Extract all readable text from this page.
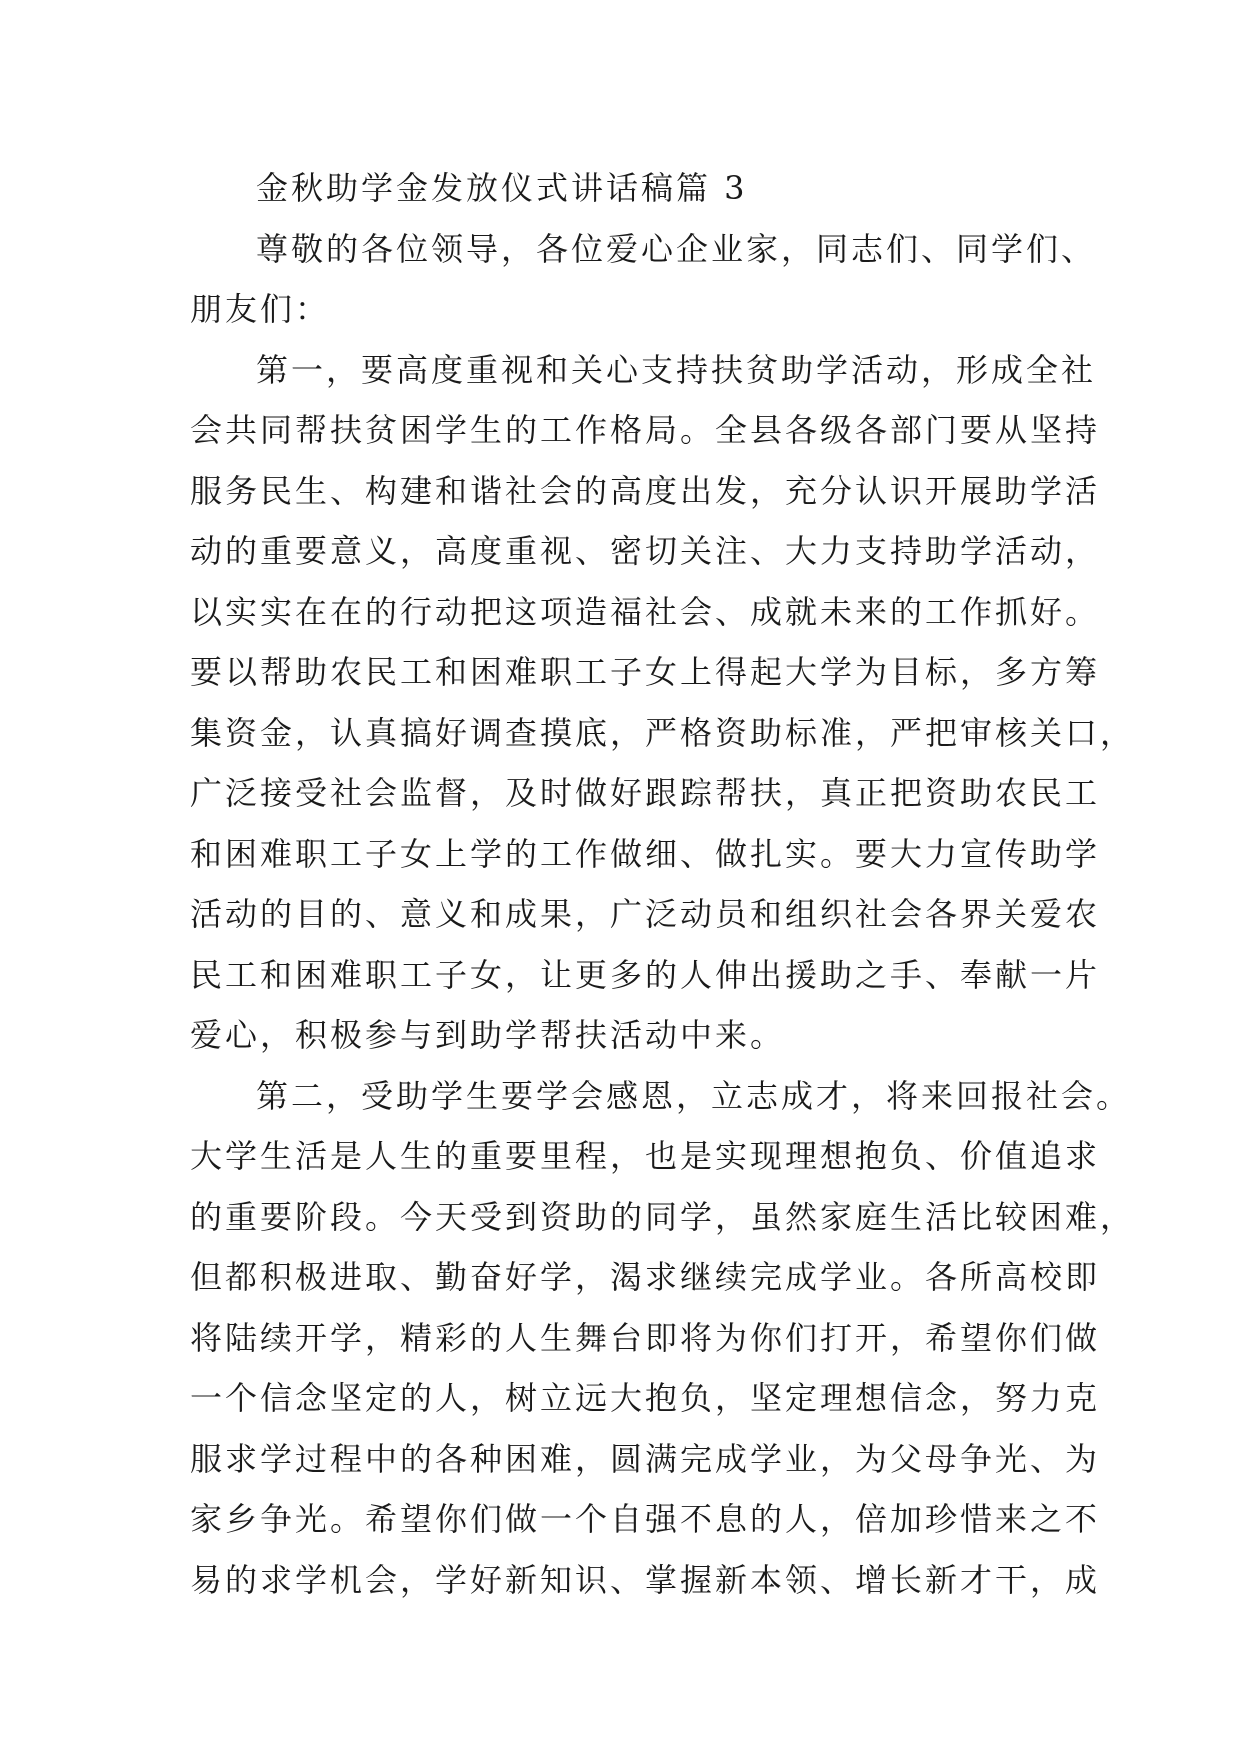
金秋助学金发放仪式讲话稿篇 3
尊敬的各位领导，各位爱心企业家，同志们、同学们、
朋友们：
第一，要高度重视和关心支持扶贫助学活动，形成全社
会共同帮扶贫困学生的工作格局。全县各级各部门要从坚持
服务民生、构建和谐社会的高度出发，充分认识开展助学活
动的重要意义，高度重视、密切关注、大力支持助学活动，
以实实在在的行动把这项造福社会、成就未来的工作抓好。
要以帮助农民工和困难职工子女上得起大学为目标，多方筹
集资金，认真搞好调查摸底，严格资助标准，严把审核关口，
广泛接受社会监督，及时做好跟踪帮扶，真正把资助农民工
和困难职工子女上学的工作做细、做扎实。要大力宣传助学
活动的目的、意义和成果，广泛动员和组织社会各界关爱农
民工和困难职工子女，让更多的人伸出援助之手、奉献一片
爱心，积极参与到助学帮扶活动中来。
第二，受助学生要学会感恩，立志成才，将来回报社会。
大学生活是人生的重要里程，也是实现理想抱负、价值追求
的重要阶段。今天受到资助的同学，虽然家庭生活比较困难，
但都积极进取、勤奋好学，渴求继续完成学业。各所高校即
将陆续开学，精彩的人生舞台即将为你们打开，希望你们做
一个信念坚定的人，树立远大抱负，坚定理想信念，努力克
服求学过程中的各种困难，圆满完成学业，为父母争光、为
家乡争光。希望你们做一个自强不息的人，倍加珍惜来之不
易的求学机会，学好新知识、掌握新本领、增长新才干，成
